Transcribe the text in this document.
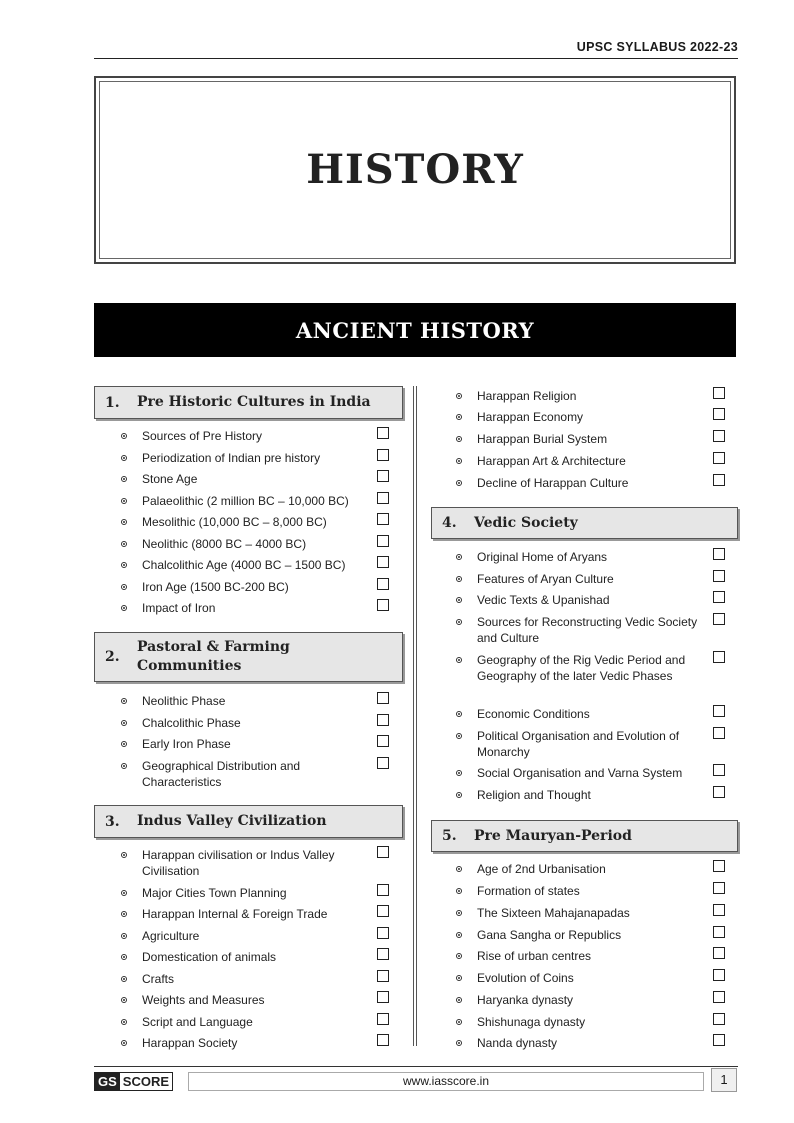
UPSC SYLLABUS 2022-23
HISTORY
ANCIENT HISTORY
1.	Pre Historic Cultures in India
Sources of Pre History
Periodization of Indian pre history
Stone Age
Palaeolithic (2 million BC – 10,000 BC)
Mesolithic (10,000 BC – 8,000 BC)
Neolithic (8000 BC – 4000 BC)
Chalcolithic Age (4000 BC – 1500 BC)
Iron Age (1500 BC-200 BC)
Impact of Iron
2.
Pastoral & Farming Communities
Neolithic Phase
Chalcolithic Phase
Early Iron Phase
Geographical Distribution and Characteristics
3.	Indus Valley Civilization
Harappan civilisation or Indus Valley Civilisation
Major Cities Town Planning
Harappan Internal & Foreign Trade
Agriculture
Domestication of animals
Crafts
Weights and Measures
Script and Language
Harappan Society
Harappan Religion
Harappan Economy
Harappan Burial System
Harappan Art & Architecture
Decline of Harappan Culture
4.	Vedic Society
Original Home of Aryans
Features of Aryan Culture
Vedic Texts & Upanishad
Sources for Reconstructing Vedic Society and Culture
Geography of the Rig Vedic Period and Geography of the later Vedic Phases
Economic Conditions
Political Organisation and Evolution of Monarchy
Social Organisation and Varna System
Religion and Thought
5.	Pre Mauryan-Period
Age of 2nd Urbanisation
Formation of states
The Sixteen Mahajanapadas
Gana Sangha or Republics
Rise of urban centres
Evolution of Coins
Haryanka dynasty
Shishunaga dynasty
Nanda dynasty
GS SCORE	www.iasscore.in	1
